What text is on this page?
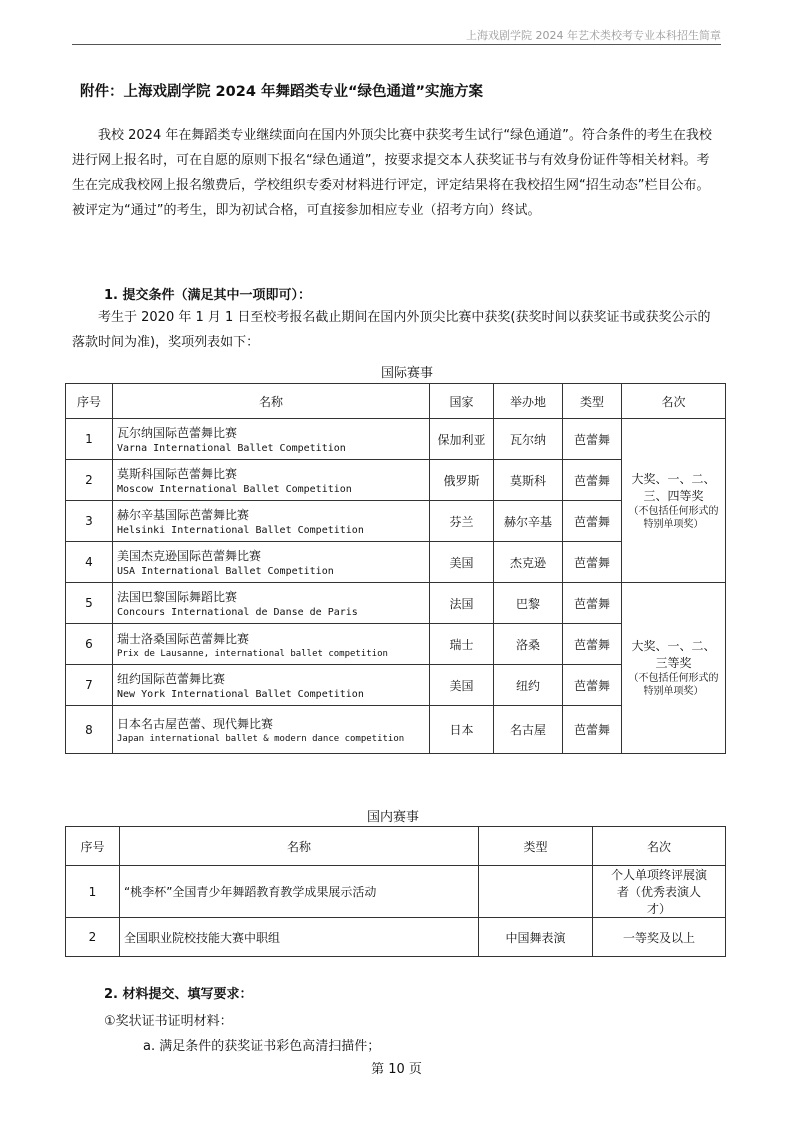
上海戏剧学院 2024 年艺术类校考专业本科招生简章
附件：上海戏剧学院 2024 年舞蹈类专业“绿色通道”实施方案
我校 2024 年在舞蹈类专业继续面向在国内外顶尖比赛中获奖考生试行“绿色通道”。符合条件的考生在我校进行网上报名时，可在自愿的原则下报名“绿色通道”，按要求提交本人获奖证书与有效身份证件等相关材料。考生在完成我校网上报名缴费后，学校组织专委对材料进行评定，评定结果将在我校招生网“招生动态”栏目公布。被评定为“通过”的考生，即为初试合格，可直接参加相应专业（招考方向）终试。
1. 提交条件（满足其中一项即可）：
考生于 2020 年 1 月 1 日至校考报名截止期间在国内外顶尖比赛中获奖(获奖时间以获奖证书或获奖公示的落款时间为准)，奖项列表如下：
国际赛事
序号	名称	国家	举办地	类型	名次
1	瓦尔纳国际芭蕾舞比赛
Varna International Ballet Competition	保加利亚	瓦尔纳	芭蕾舞	大奖、一、二、三、四等奖
（不包括任何形式的特别单项奖）

2	莫斯科国际芭蕾舞比赛
Moscow International Ballet Competition	俄罗斯	莫斯科	芭蕾舞	
3	赫尔辛基国际芭蕾舞比赛
Helsinki International Ballet Competition	芬兰	赫尔辛基	芭蕾舞	
4	美国杰克逊国际芭蕾舞比赛
USA International Ballet Competition	美国	杰克逊	芭蕾舞	
5	法国巴黎国际舞蹈比赛
Concours International de Danse de Paris	法国	巴黎	芭蕾舞	大奖、一、二、三等奖
（不包括任何形式的特别单项奖）

6	瑞士洛桑国际芭蕾舞比赛
Prix de Lausanne, international ballet competition	瑞士	洛桑	芭蕾舞	
7	纽约国际芭蕾舞比赛
New York International Ballet Competition	美国	纽约	芭蕾舞	
8	日本名古屋芭蕾、现代舞比赛
Japan international ballet & modern dance competition	日本	名古屋	芭蕾舞	
国内赛事
序号	名称	类型	名次
1	“桃李杯”全国青少年舞蹈教育教学成果展示活动		个人单项终评展演者（优秀表演人才）
2	全国职业院校技能大赛中职组	中国舞表演	一等奖及以上
2. 材料提交、填写要求：
①奖状证书证明材料：
a. 满足条件的获奖证书彩色高清扫描件；
第 10 页
